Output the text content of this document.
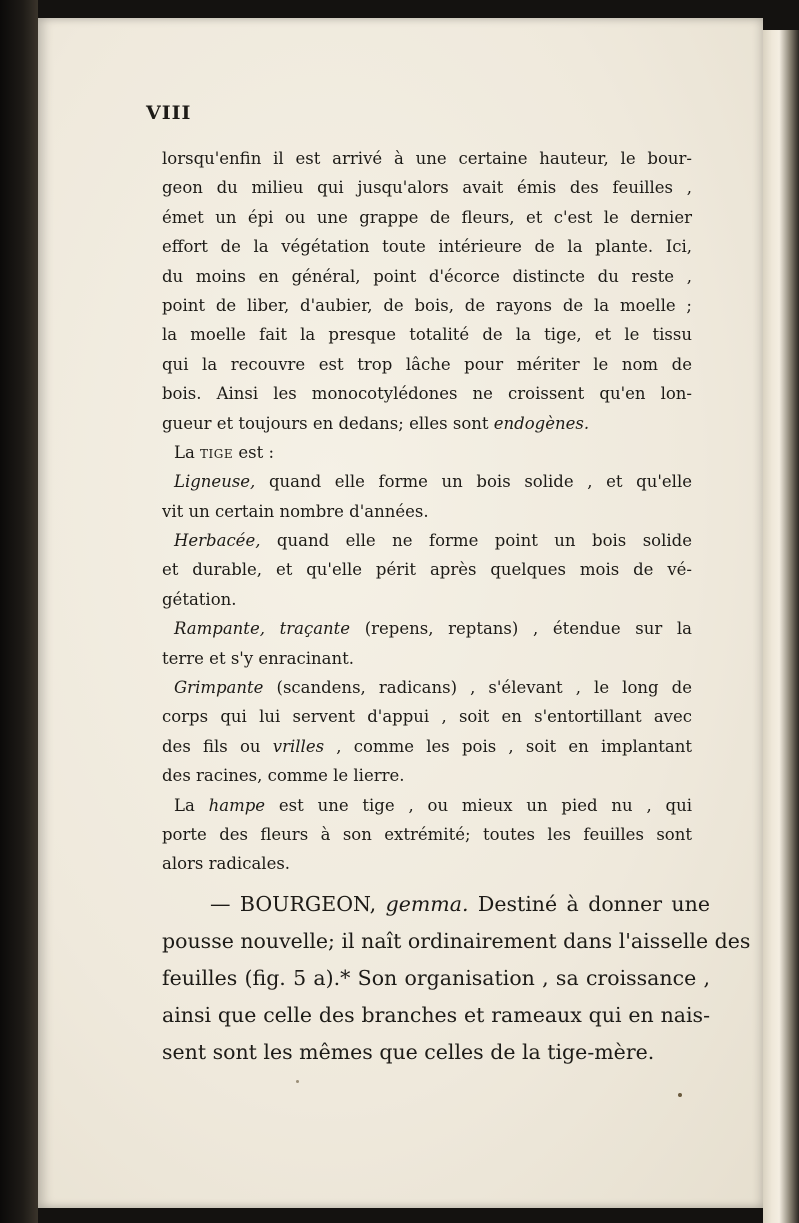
VIII
lorsqu'enfin il est arrivé à une certaine hauteur, le bour-
geon du milieu qui jusqu'alors avait émis des feuilles ,
émet un épi ou une grappe de fleurs, et c'est le dernier
effort de la végétation toute intérieure de la plante. Ici,
du moins en général, point d'écorce distincte du reste ,
point de liber, d'aubier, de bois, de rayons de la moelle ;
la moelle fait la presque totalité de la tige, et le tissu
qui la recouvre est trop lâche pour mériter le nom de
bois. Ainsi les monocotylédones ne croissent qu'en lon-
gueur et toujours en dedans; elles sont endogènes.
La tige est :
Ligneuse, quand elle forme un bois solide , et qu'elle
vit un certain nombre d'années.
Herbacée, quand elle ne forme point un bois solide
et durable, et qu'elle périt après quelques mois de vé-
gétation.
Rampante, traçante (repens, reptans) , étendue sur la
terre et s'y enracinant.
Grimpante (scandens, radicans) , s'élevant , le long de
corps qui lui servent d'appui , soit en s'entortillant avec
des fils ou vrilles , comme les pois , soit en implantant
des racines, comme le lierre.
La hampe est une tige , ou mieux un pied nu , qui
porte des fleurs à son extrémité; toutes les feuilles sont
alors radicales.
— BOURGEON, gemma. Destiné à donner une
pousse nouvelle; il naît ordinairement dans l'aisselle des
feuilles (fig. 5 a).* Son organisation , sa croissance ,
ainsi que celle des branches et rameaux qui en nais-
sent sont les mêmes que celles de la tige-mère.
